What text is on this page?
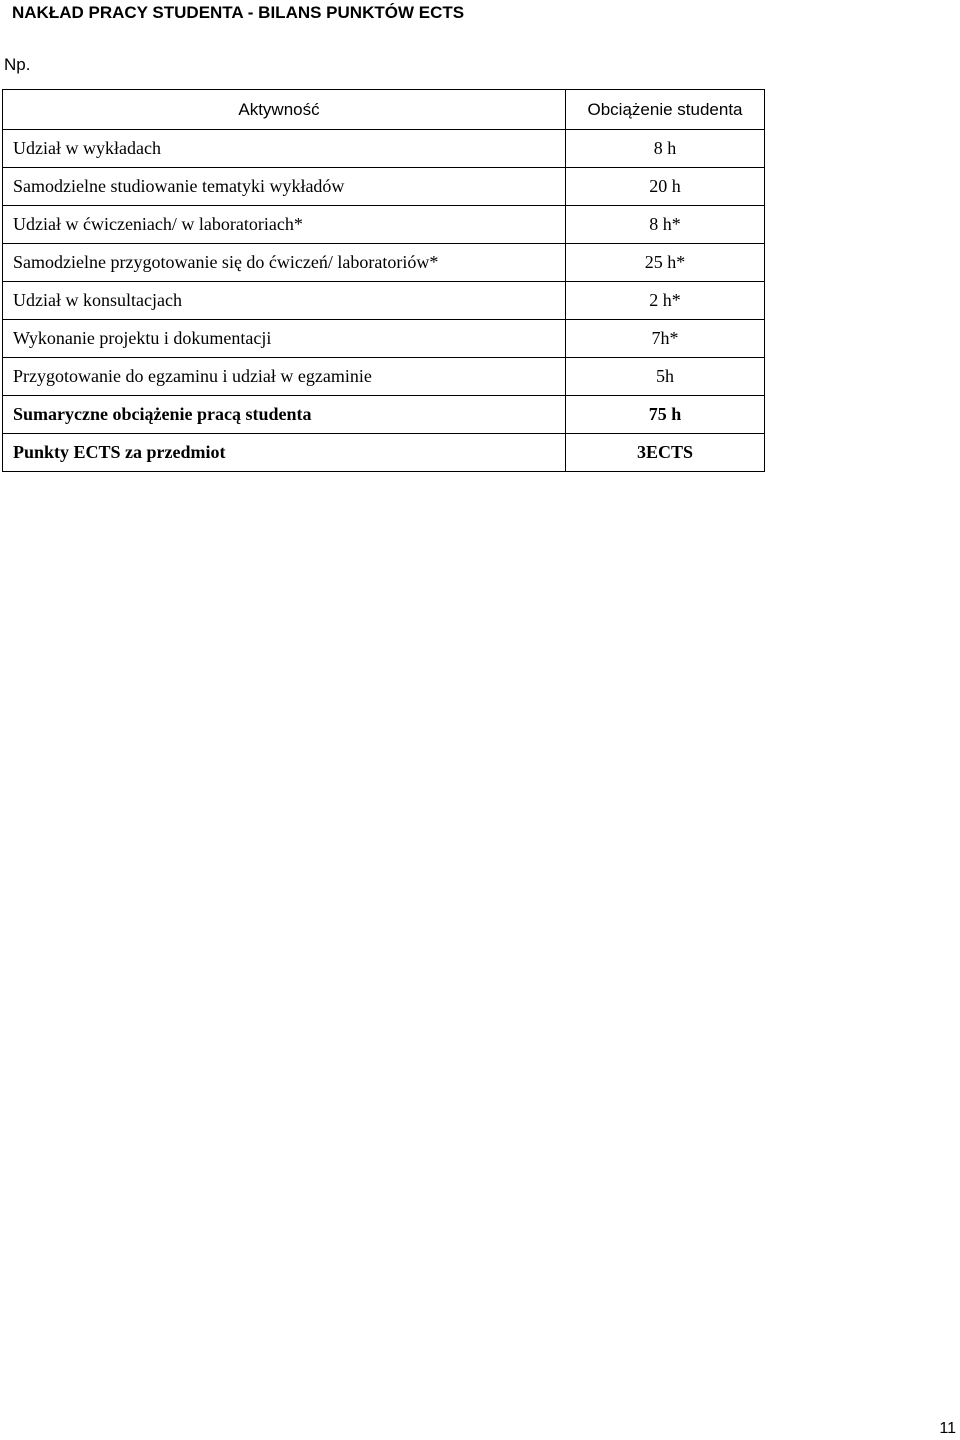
NAKŁAD PRACY STUDENTA - BILANS PUNKTÓW ECTS
Np.
Aktywność	Obciążenie studenta
Udział w wykładach	8 h
Samodzielne studiowanie tematyki wykładów	20 h
Udział w ćwiczeniach/ w laboratoriach*	8 h*
Samodzielne przygotowanie się do ćwiczeń/ laboratoriów*	25 h*
Udział w konsultacjach	2 h*
Wykonanie projektu i dokumentacji	7h*
Przygotowanie do egzaminu i udział w egzaminie	5h
Sumaryczne obciążenie pracą studenta	75 h
Punkty ECTS za przedmiot	3ECTS
11
